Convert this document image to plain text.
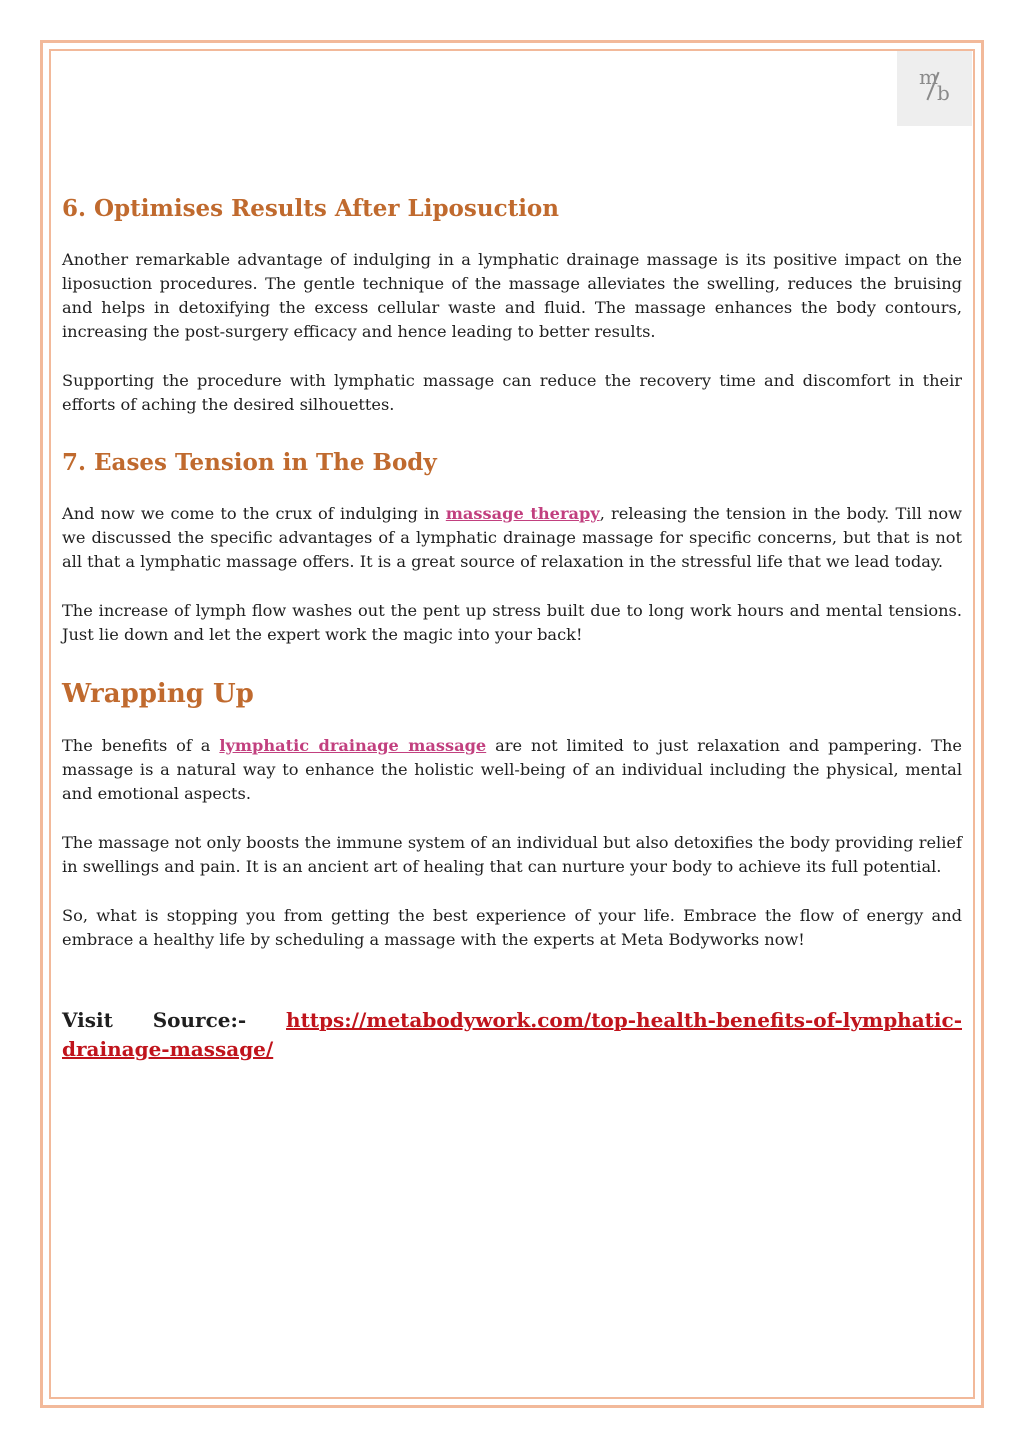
m
b
6. Optimises Results After Liposuction

Another remarkable advantage of indulging in a lymphatic drainage massage is its positive impact on the liposuction procedures. The gentle technique of the massage alleviates the swelling, reduces the bruising and helps in detoxifying the excess cellular waste and fluid. The massage enhances the body contours, increasing the post-surgery efficacy and hence leading to better results.

Supporting the procedure with lymphatic massage can reduce the recovery time and discomfort in their efforts of aching the desired silhouettes.

7. Eases Tension in The Body

And now we come to the crux of indulging in massage therapy, releasing the tension in the body. Till now we discussed the specific advantages of a lymphatic drainage massage for specific concerns, but that is not all that a lymphatic massage offers. It is a great source of relaxation in the stressful life that we lead today.

The increase of lymph flow washes out the pent up stress built due to long work hours and mental tensions. Just lie down and let the expert work the magic into your back!

Wrapping Up

The benefits of a lymphatic drainage massage are not limited to just relaxation and pampering. The massage is a natural way to enhance the holistic well-being of an individual including the physical, mental and emotional aspects.

The massage not only boosts the immune system of an individual but also detoxifies the body providing relief in swellings and pain. It is an ancient art of healing that can nurture your body to achieve its full potential.

So, what is stopping you from getting the best experience of your life. Embrace the flow of energy and embrace a healthy life by scheduling a massage with the experts at Meta Bodyworks now!

Visit Source:- https://metabodywork.com/top-health-benefits-of-lymphatic-drainage-massage/
